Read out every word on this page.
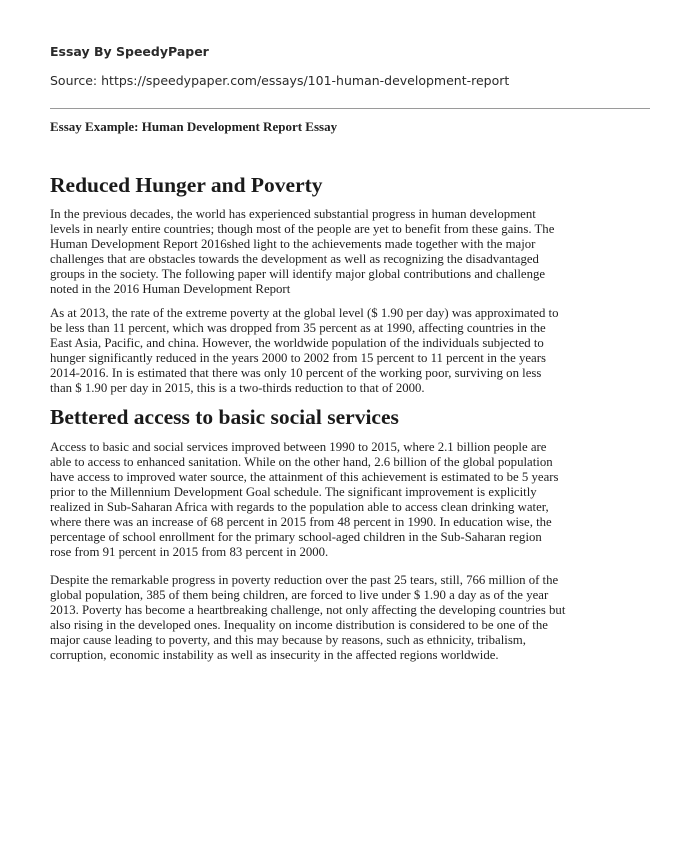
Essay By SpeedyPaper
Source: https://speedypaper.com/essays/101-human-development-report
Essay Example: Human Development Report Essay
Reduced Hunger and Poverty
In the previous decades, the world has experienced substantial progress in human development
levels in nearly entire countries; though most of the people are yet to benefit from these gains. The
Human Development Report 2016shed light to the achievements made together with the major
challenges that are obstacles towards the development as well as recognizing the disadvantaged
groups in the society. The following paper will identify major global contributions and challenge
noted in the 2016 Human Development Report
As at 2013, the rate of the extreme poverty at the global level ($ 1.90 per day) was approximated to
be less than 11 percent, which was dropped from 35 percent as at 1990, affecting countries in the
East Asia, Pacific, and china. However, the worldwide population of the individuals subjected to
hunger significantly reduced in the years 2000 to 2002 from 15 percent to 11 percent in the years
2014-2016. In is estimated that there was only 10 percent of the working poor, surviving on less
than $ 1.90 per day in 2015, this is a two-thirds reduction to that of 2000.
Bettered access to basic social services
Access to basic and social services improved between 1990 to 2015, where 2.1 billion people are
able to access to enhanced sanitation. While on the other hand, 2.6 billion of the global population
have access to improved water source, the attainment of this achievement is estimated to be 5 years
prior to the Millennium Development Goal schedule. The significant improvement is explicitly
realized in Sub-Saharan Africa with regards to the population able to access clean drinking water,
where there was an increase of 68 percent in 2015 from 48 percent in 1990. In education wise, the
percentage of school enrollment for the primary school-aged children in the Sub-Saharan region
rose from 91 percent in 2015 from 83 percent in 2000.
Despite the remarkable progress in poverty reduction over the past 25 tears, still, 766 million of the
global population, 385 of them being children, are forced to live under $ 1.90 a day as of the year
2013. Poverty has become a heartbreaking challenge, not only affecting the developing countries but
also rising in the developed ones. Inequality on income distribution is considered to be one of the
major cause leading to poverty, and this may because by reasons, such as ethnicity, tribalism,
corruption, economic instability as well as insecurity in the affected regions worldwide.
